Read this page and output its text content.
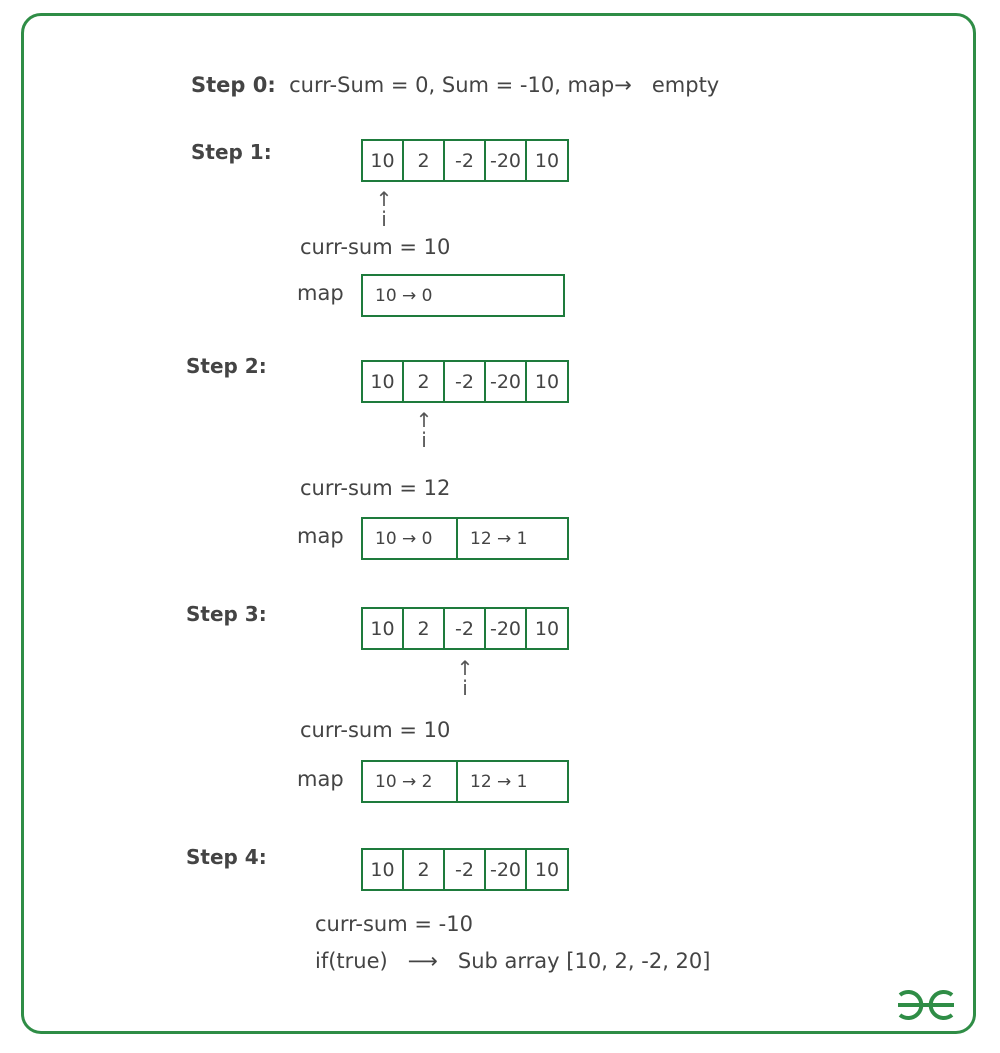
Step 0: curr-Sum = 0, Sum = -10, map→ empty
Step 1:	10	2	-2 -20 10
↑
i
curr-sum = 10
map	10 → 0
Step 2:
10	2	-2 -20 10
↑
i
curr-sum = 12
map	10 → 0	12 → 1
Step 3:
10	2	-2 -20 10
↑
i
curr-sum = 10
map	10 → 2	12 → 1
Step 4:
10	2	-2 -20 10
curr-sum = -10
if(true) ⟶ Sub array [10, 2, -2, 20]
